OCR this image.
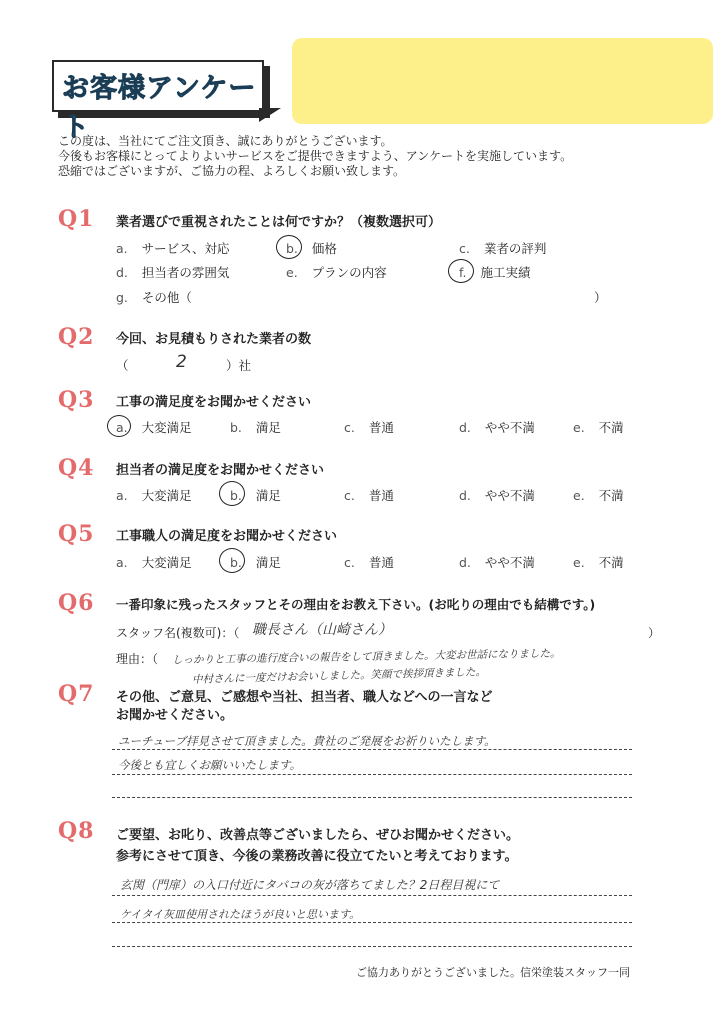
お客様アンケート
この度は、当社にてご注文頂き、誠にありがとうございます。
今後もお客様にとってよりよいサービスをご提供できますよう、アンケートを実施しています。
恐縮ではございますが、ご協力の程、よろしくお願い致します。
Q1 業者選びで重視されたことは何ですか？（複数選択可）
a. サービス、対応	b. 価格	c. 業者の評判
d. 担当者の雰囲気	e. プランの内容	f. 施工実績
g. その他（	）
Q2 今回、お見積もりされた業者の数
（	2	）社
Q3 工事の満足度をお聞かせください
a. 大変満足	b. 満足	c. 普通	d. やや不満	e. 不満
Q4 担当者の満足度をお聞かせください
a. 大変満足	b. 満足	c. 普通	d. やや不満	e. 不満
Q5 工事職人の満足度をお聞かせください
a. 大変満足	b. 満足	c. 普通	d. やや不満	e. 不満
Q6 一番印象に残ったスタッフとその理由をお教え下さい。(お叱りの理由でも結構です。)
スタッフ名(複数可)：（ 職長さん（山崎さん）	）
理由：（ しっかりと工事の進行度合いの報告をして頂きました。大変お世話になりました。
中村さんに一度だけお会いしました。笑顔で挨拶頂きました。
Q7 その他、ご意見、ご感想や当社、担当者、職人などへの一言など
お聞かせください。
ユーチューブ拝見させて頂きました。貴社のご発展をお祈りいたします。
今後とも宜しくお願いいたします。
Q8 ご要望、お叱り、改善点等ございましたら、ぜひお聞かせください。
参考にさせて頂き、今後の業務改善に役立てたいと考えております。
玄関（門扉）の入口付近にタバコの灰が落ちてました？2日程目視にて
ケイタイ灰皿使用されたほうが良いと思います。
ご協力ありがとうございました。 信栄塗装スタッフ一同
